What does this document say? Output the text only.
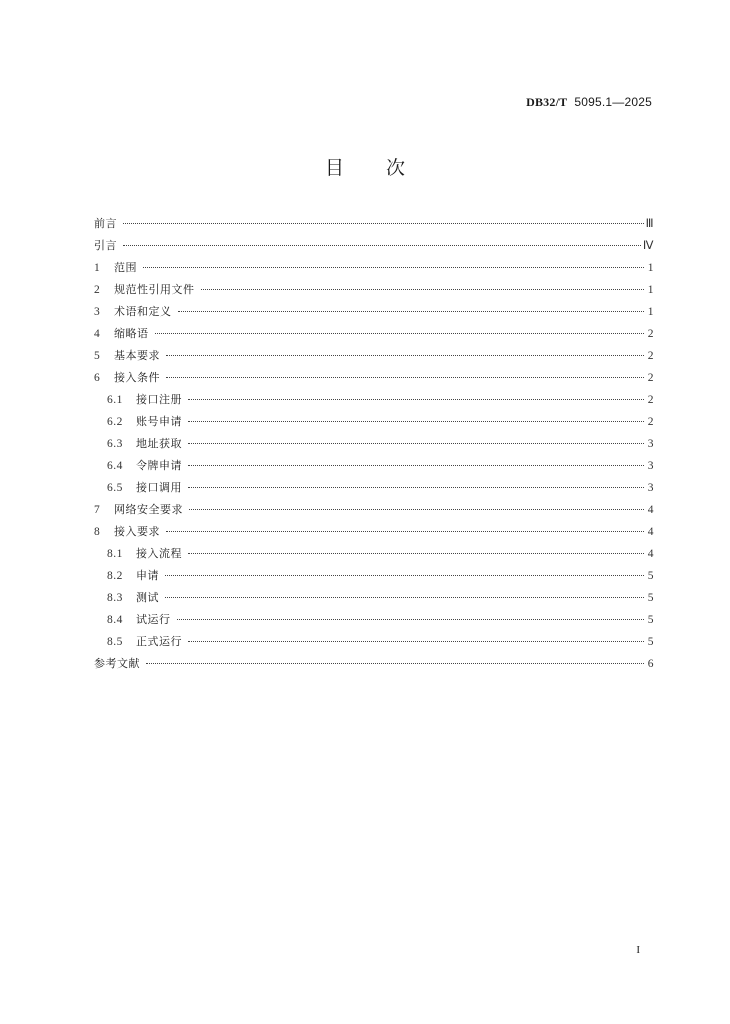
DB32/T 5095.1—2025
目 次
前言	Ⅲ
引言	Ⅳ
1	范围	1
2	规范性引用文件	1
3	术语和定义	1
4	缩略语	2
5	基本要求	2
6	接入条件	2
6.1	接口注册	2
6.2	账号申请	2
6.3	地址获取	3
6.4	令牌申请	3
6.5	接口调用	3
7	网络安全要求	4
8	接入要求	4
8.1	接入流程	4
8.2	申请	5
8.3	测试	5
8.4	试运行	5
8.5	正式运行	5
参考文献	6
I
